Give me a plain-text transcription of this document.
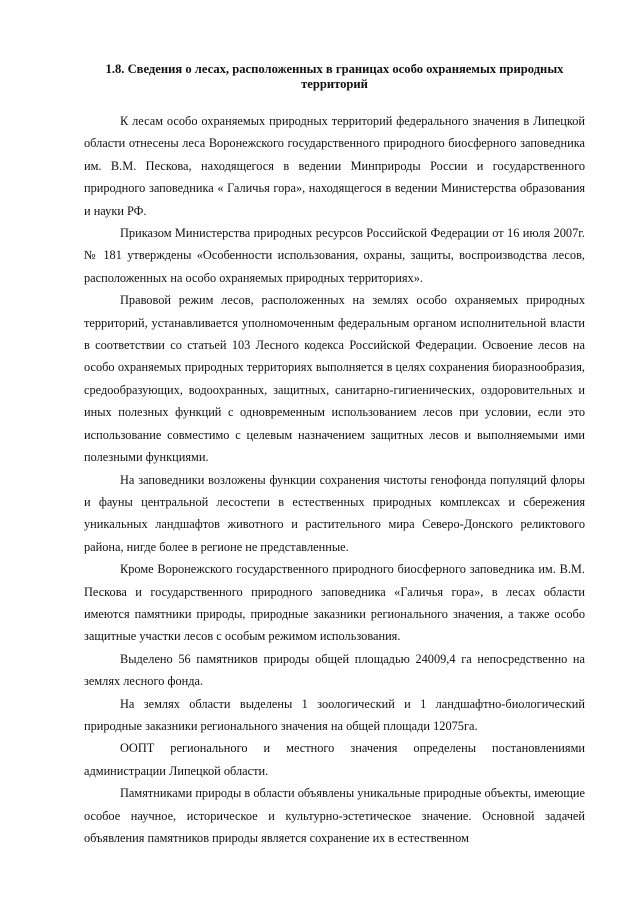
1.8. Сведения о лесах, расположенных в границах особо охраняемых природных территорий

К лесам особо охраняемых природных территорий федерального значения в Липецкой области отнесены леса Воронежского государственного природного биосферного заповедника им. В.М. Пескова, находящегося в ведении Минприроды России и государственного природного заповедника « Галичья гора», находящегося в ведении Министерства образования и науки РФ.

Приказом Министерства природных ресурсов Российской Федерации от 16 июля 2007г. № 181 утверждены «Особенности использования, охраны, защиты, воспроизводства лесов, расположенных на особо охраняемых природных территориях».

Правовой режим лесов, расположенных на землях особо охраняемых природных территорий, устанавливается уполномоченным федеральным органом исполнительной власти в соответствии со статьей 103 Лесного кодекса Российской Федерации. Освоение лесов на особо охраняемых природных территориях выполняется в целях сохранения биоразнообразия, средообразующих, водоохранных, защитных, санитарно-гигиенических, оздоровительных и иных полезных функций с одновременным использованием лесов при условии, если это использование совместимо с целевым назначением защитных лесов и выполняемыми ими полезными функциями.

На заповедники возложены функции сохранения чистоты генофонда популяций флоры и фауны центральной лесостепи в естественных природных комплексах и сбережения уникальных ландшафтов животного и растительного мира Северо-Донского реликтового района, нигде более в регионе не представленные.

Кроме Воронежского государственного природного биосферного заповедника им. В.М. Пескова и государственного природного заповедника «Галичья гора», в лесах области имеются памятники природы, природные заказники регионального значения, а также особо защитные участки лесов с особым режимом использования.

Выделено 56 памятников природы общей площадью 24009,4 га непосредственно на землях лесного фонда.

На землях области выделены 1 зоологический и 1 ландшафтно-биологический природные заказники регионального значения на общей площади 12075га.

ООПТ регионального и местного значения определены постановлениями администрации Липецкой области.

Памятниками природы в области объявлены уникальные природные объекты, имеющие особое научное, историческое и культурно-эстетическое значение. Основной задачей объявления памятников природы является сохранение их в естественном
